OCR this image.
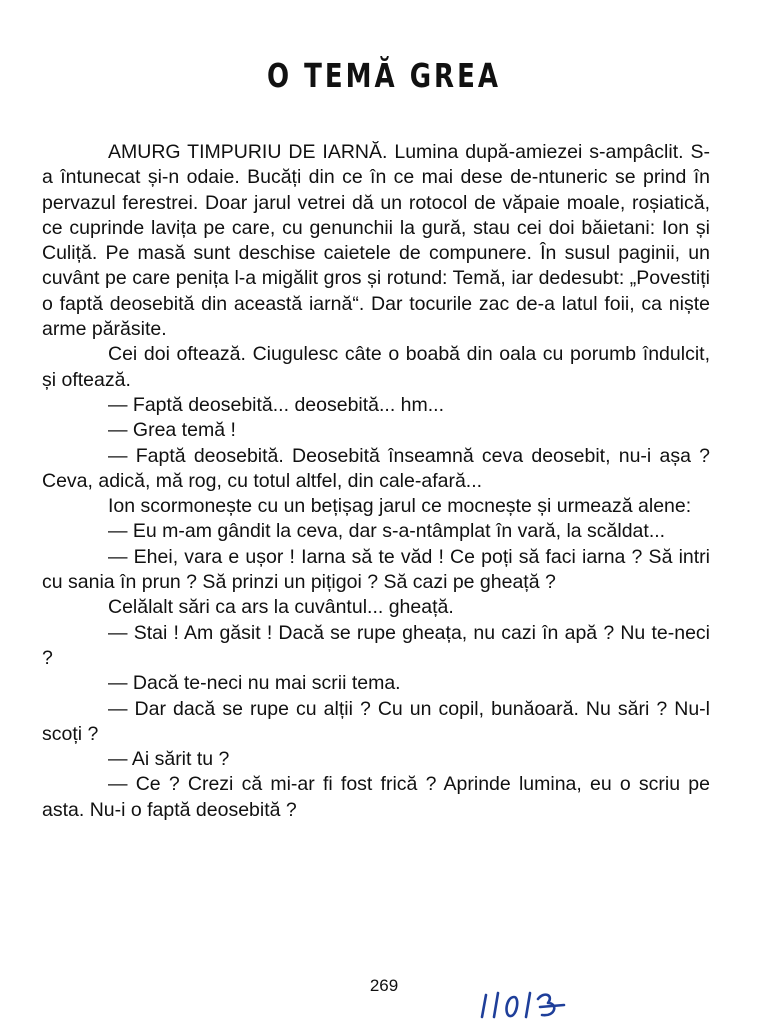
O TEMĂ GREA

AMURG TIMPURIU DE IARNĂ. Lumina după-amiezei s-ampâclit. S-a întunecat și-n odaie. Bucăți din ce în ce mai dese de-ntuneric se prind în pervazul ferestrei. Doar jarul vetrei dă un rotocol de văpaie moale, roșiatică, ce cuprinde lavița pe care, cu genunchii la gură, stau cei doi băietani: Ion și Culiță. Pe masă sunt deschise caietele de compunere. În susul paginii, un cuvânt pe care penița l-a migălit gros și rotund: Temă, iar dedesubt: „Povestiți o faptă deosebită din această iarnă“. Dar tocurile zac de-a latul foii, ca niște arme părăsite.

Cei doi oftează. Ciugulesc câte o boabă din oala cu porumb îndulcit, și oftează.

— Faptă deosebită... deosebită... hm...

— Grea temă !

— Faptă deosebită. Deosebită înseamnă ceva deosebit, nu-i așa ? Ceva, adică, mă rog, cu totul altfel, din cale-afară...

Ion scormonește cu un bețișag jarul ce mocnește și urmează alene:

— Eu m-am gândit la ceva, dar s-a-ntâmplat în vară, la scăldat...

— Ehei, vara e ușor ! Iarna să te văd ! Ce poți să faci iarna ? Să intri cu sania în prun ? Să prinzi un pițigoi ? Să cazi pe gheață ?

Celălalt sări ca ars la cuvântul... gheață.

— Stai ! Am găsit ! Dacă se rupe gheața, nu cazi în apă ? Nu te-neci ?

— Dacă te-neci nu mai scrii tema.

— Dar dacă se rupe cu alții ? Cu un copil, bunăoară. Nu sări ? Nu-l scoți ?

— Ai sărit tu ?

— Ce ? Crezi că mi-ar fi fost frică ? Aprinde lumina, eu o scriu pe asta. Nu-i o faptă deosebită ?

269
